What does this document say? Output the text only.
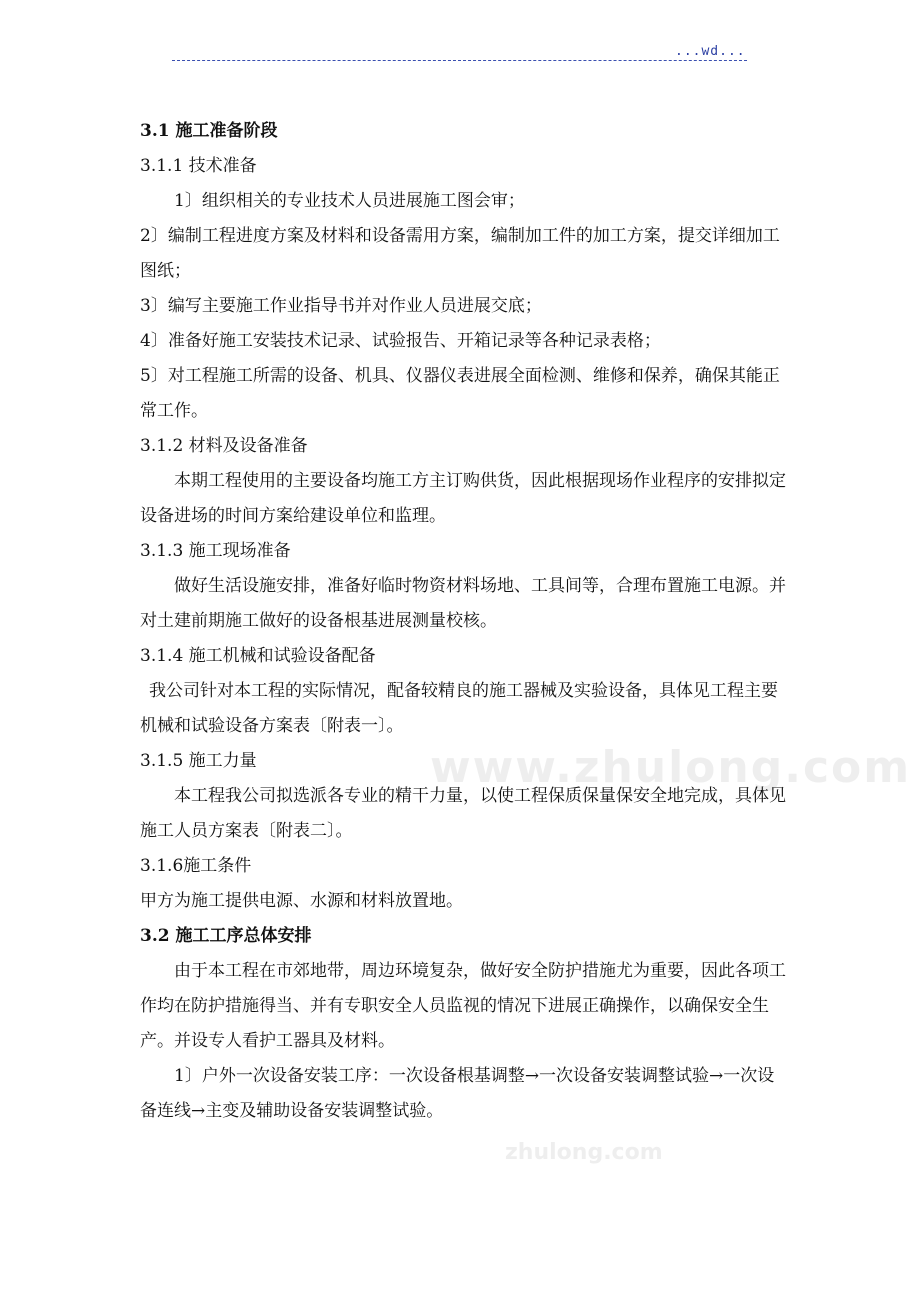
...wd...
www.zhulong.com
zhulong.com

3.1 施工准备阶段

3.1.1 技术准备

1〕组织相关的专业技术人员进展施工图会审；

2〕编制工程进度方案及材料和设备需用方案，编制加工件的加工方案，提交详细加工图纸；

3〕编写主要施工作业指导书并对作业人员进展交底；

4〕准备好施工安装技术记录、试验报告、开箱记录等各种记录表格；

5〕对工程施工所需的设备、机具、仪器仪表进展全面检测、维修和保养，确保其能正常工作。

3.1.2 材料及设备准备

本期工程使用的主要设备均施工方主订购供货，因此根据现场作业程序的安排拟定设备进场的时间方案给建设单位和监理。

3.1.3 施工现场准备

做好生活设施安排，准备好临时物资材料场地、工具间等，合理布置施工电源。并对土建前期施工做好的设备根基进展测量校核。

3.1.4 施工机械和试验设备配备

我公司针对本工程的实际情况，配备较精良的施工器械及实验设备，具体见工程主要机械和试验设备方案表〔附表一〕。

3.1.5 施工力量

本工程我公司拟选派各专业的精干力量，以使工程保质保量保安全地完成，具体见施工人员方案表〔附表二〕。

3.1.6施工条件

甲方为施工提供电源、水源和材料放置地。

3.2 施工工序总体安排

由于本工程在市郊地带，周边环境复杂，做好安全防护措施尤为重要，因此各项工作均在防护措施得当、并有专职安全人员监视的情况下进展正确操作，以确保安全生产。并设专人看护工器具及材料。

1〕户外一次设备安装工序：一次设备根基调整→一次设备安装调整试验→一次设备连线→主变及辅助设备安装调整试验。
